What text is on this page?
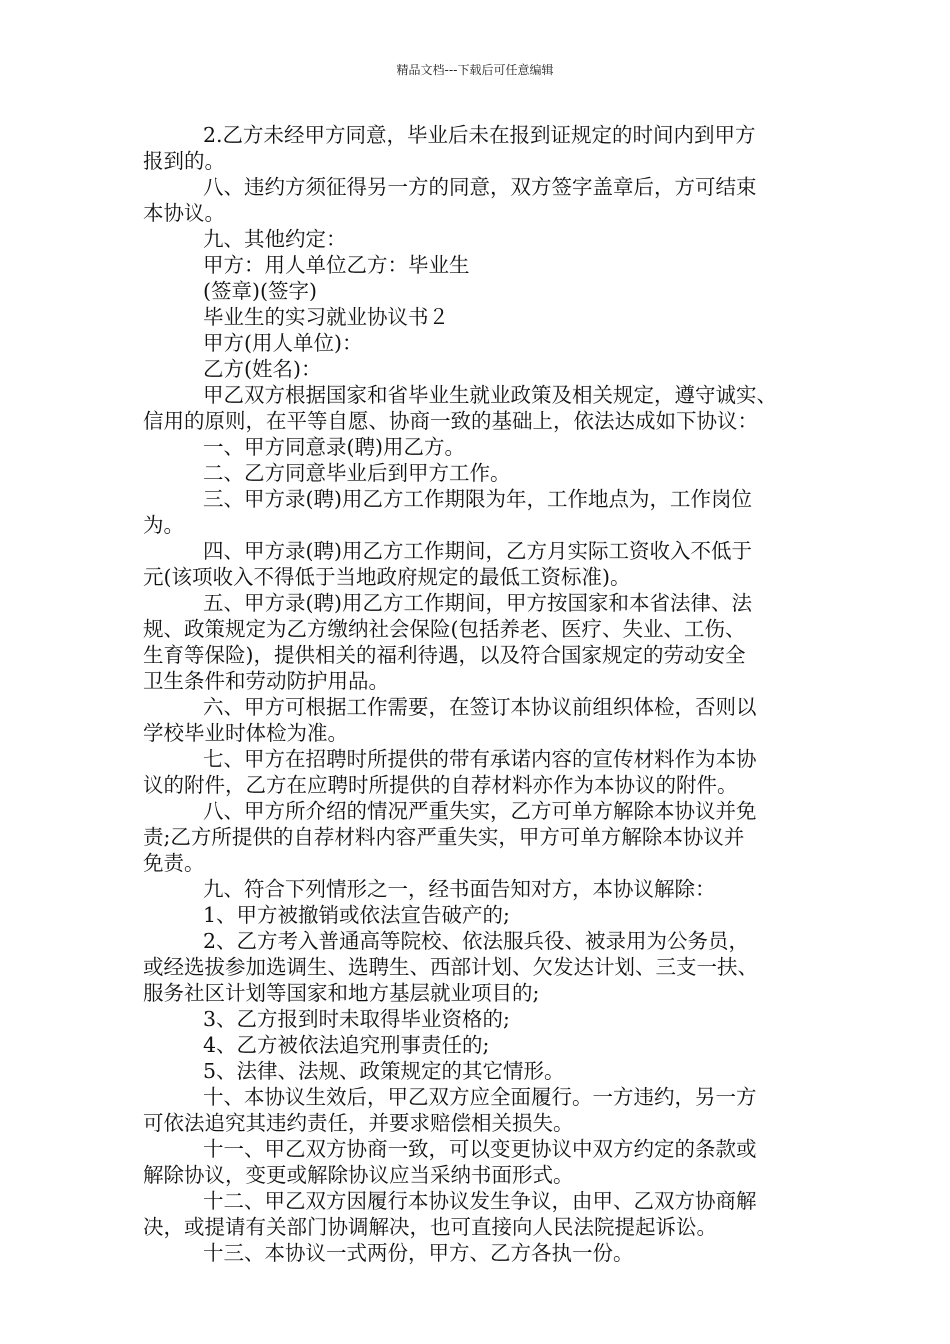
精品文档---下载后可任意编辑
2.乙方未经甲方同意，毕业后未在报到证规定的时间内到甲方
报到的。
八、违约方须征得另一方的同意，双方签字盖章后，方可结束
本协议。
九、其他约定：
甲方：用人单位乙方：毕业生
(签章)(签字)
毕业生的实习就业协议书２
甲方(用人单位)：
乙方(姓名)：
甲乙双方根据国家和省毕业生就业政策及相关规定，遵守诚实、
信用的原则，在平等自愿、协商一致的基础上，依法达成如下协议：
一、甲方同意录(聘)用乙方。
二、乙方同意毕业后到甲方工作。
三、甲方录(聘)用乙方工作期限为年，工作地点为，工作岗位
为。
四、甲方录(聘)用乙方工作期间，乙方月实际工资收入不低于
元(该项收入不得低于当地政府规定的最低工资标准)。
五、甲方录(聘)用乙方工作期间，甲方按国家和本省法律、法
规、政策规定为乙方缴纳社会保险(包括养老、医疗、失业、工伤、
生育等保险)，提供相关的福利待遇，以及符合国家规定的劳动安全
卫生条件和劳动防护用品。
六、甲方可根据工作需要，在签订本协议前组织体检，否则以
学校毕业时体检为准。
七、甲方在招聘时所提供的带有承诺内容的宣传材料作为本协
议的附件，乙方在应聘时所提供的自荐材料亦作为本协议的附件。
八、甲方所介绍的情况严重失实，乙方可单方解除本协议并免
责;乙方所提供的自荐材料内容严重失实，甲方可单方解除本协议并
免责。
九、符合下列情形之一，经书面告知对方，本协议解除：
1、甲方被撤销或依法宣告破产的;
2、乙方考入普通高等院校、依法服兵役、被录用为公务员，
或经选拔参加选调生、选聘生、西部计划、欠发达计划、三支一扶、
服务社区计划等国家和地方基层就业项目的;
3、乙方报到时未取得毕业资格的;
4、乙方被依法追究刑事责任的;
5、法律、法规、政策规定的其它情形。
十、本协议生效后，甲乙双方应全面履行。一方违约，另一方
可依法追究其违约责任，并要求赔偿相关损失。
十一、甲乙双方协商一致，可以变更协议中双方约定的条款或
解除协议，变更或解除协议应当采纳书面形式。
十二、甲乙双方因履行本协议发生争议，由甲、乙双方协商解
决，或提请有关部门协调解决，也可直接向人民法院提起诉讼。
十三、本协议一式两份，甲方、乙方各执一份。
